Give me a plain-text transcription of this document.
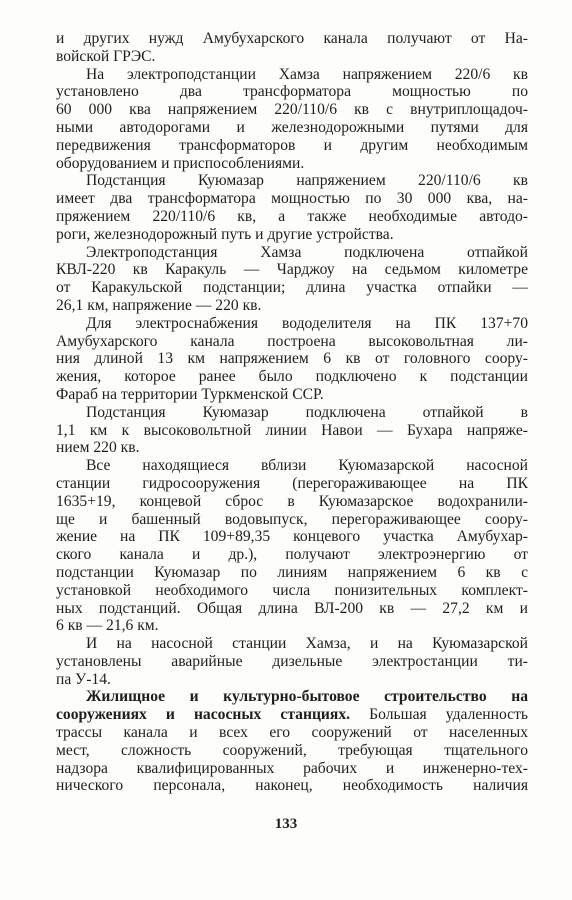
и других нужд Амубухарского канала получают от На-
войской ГРЭС.
На электроподстанции Хамза напряжением 220/6 кв
установлено два трансформатора мощностью по
60 000 ква напряжением 220/110/6 кв с внутриплощадоч-
ными автодорогами и железнодорожными путями для
передвижения трансформаторов и другим необходимым
оборудованием и приспособлениями.
Подстанция Куюмазар напряжением 220/110/6 кв
имеет два трансформатора мощностью по 30 000 ква, на-
пряжением 220/110/6 кв, а также необходимые автодо-
роги, железнодорожный путь и другие устройства.
Электроподстанция Хамза подключена отпайкой
КВЛ-220 кв Каракуль — Чарджоу на седьмом километре
от Каракульской подстанции; длина участка отпайки —
26,1 км, напряжение — 220 кв.
Для электроснабжения вододелителя на ПК 137+70
Амубухарского канала построена высоковольтная ли-
ния длиной 13 км напряжением 6 кв от головного соору-
жения, которое ранее было подключено к подстанции
Фараб на территории Туркменской ССР.
Подстанция Куюмазар подключена отпайкой в
1,1 км к высоковольтной линии Навои — Бухара напряже-
нием 220 кв.
Все находящиеся вблизи Куюмазарской насосной
станции гидросооружения (перегораживающее на ПК
1635+19, концевой сброс в Куюмазарское водохранили-
ще и башенный водовыпуск, перегораживающее соору-
жение на ПК 109+89,35 концевого участка Амубухар-
ского канала и др.), получают электроэнергию от
подстанции Куюмазар по линиям напряжением 6 кв с
установкой необходимого числа понизительных комплект-
ных подстанций. Общая длина ВЛ-200 кв — 27,2 км и
6 кв — 21,6 км.
И на насосной станции Хамза, и на Куюмазарской
установлены аварийные дизельные электростанции ти-
па У-14.
Жилищное и культурно-бытовое строительство на
сооружениях и насосных станциях. Большая удаленность
трассы канала и всех его сооружений от населенных
мест, сложность сооружений, требующая тщательного
надзора квалифицированных рабочих и инженерно-тех-
нического персонала, наконец, необходимость наличия
133
